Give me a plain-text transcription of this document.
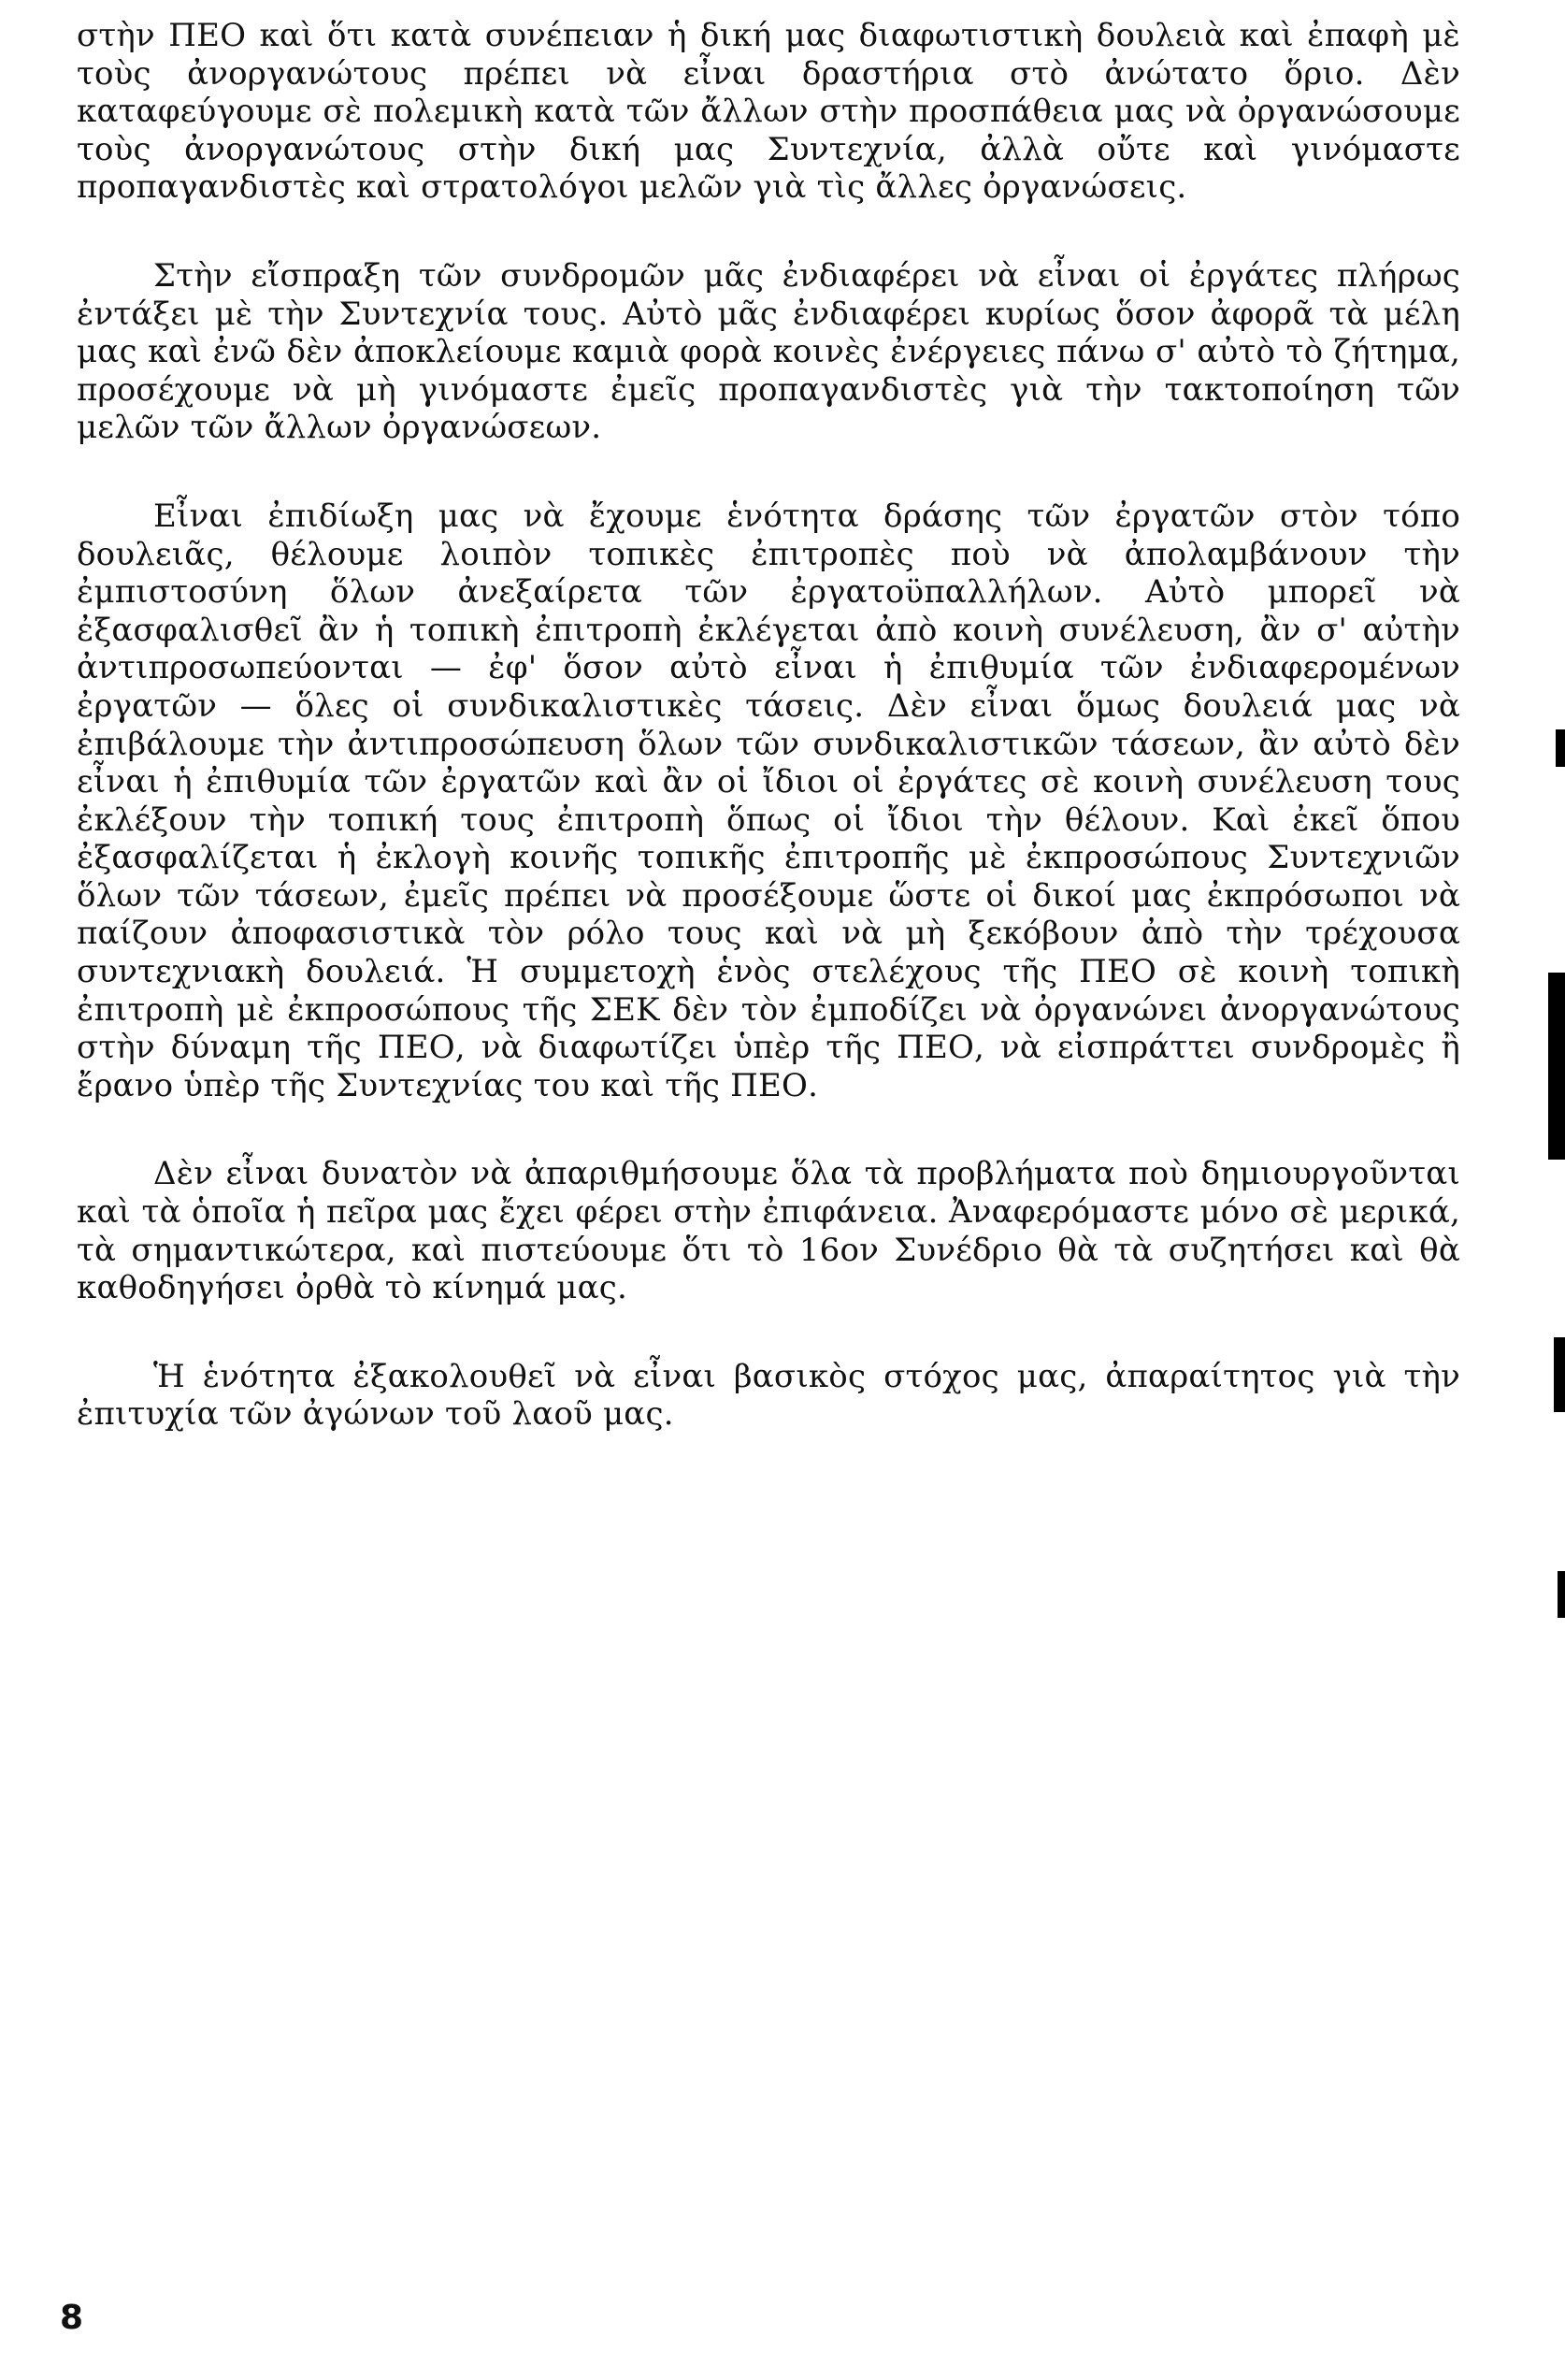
στὴν ΠΕΟ καὶ ὅτι κατὰ συνέπειαν ἡ δική μας διαφωτιστικὴ δουλειὰ καὶ ἐπαφὴ μὲ τοὺς ἀνοργανώτους πρέπει νὰ εἶναι δραστήρια στὸ ἀνώτατο ὅριο. Δὲν καταφεύγουμε σὲ πολεμικὴ κατὰ τῶν ἄλλων στὴν προσπάθεια μας νὰ ὀργανώσουμε τοὺς ἀνοργανώτους στὴν δική μας Συντεχνία, ἀλλὰ οὔτε καὶ γινόμαστε προπαγανδιστὲς καὶ στρατολόγοι μελῶν γιὰ τὶς ἄλλες ὀργανώσεις.

Στὴν εἴσπραξη τῶν συνδρομῶν μᾶς ἐνδιαφέρει νὰ εἶναι οἱ ἐργάτες πλήρως ἐντάξει μὲ τὴν Συντεχνία τους. Αὐτὸ μᾶς ἐνδιαφέρει κυρίως ὅσον ἀφορᾶ τὰ μέλη μας καὶ ἐνῶ δὲν ἀποκλείουμε καμιὰ φορὰ κοινὲς ἐνέργειες πάνω σ' αὐτὸ τὸ ζήτημα, προσέχουμε νὰ μὴ γινόμαστε ἐμεῖς προπαγανδιστὲς γιὰ τὴν τακτοποίηση τῶν μελῶν τῶν ἄλλων ὀργανώσεων.

Εἶναι ἐπιδίωξη μας νὰ ἔχουμε ἑνότητα δράσης τῶν ἐργατῶν στὸν τόπο δουλειᾶς, θέλουμε λοιπὸν τοπικὲς ἐπιτροπὲς ποὺ νὰ ἀπολαμβάνουν τὴν ἐμπιστοσύνη ὅλων ἀνεξαίρετα τῶν ἐργατοϋπαλλήλων. Αὐτὸ μπορεῖ νὰ ἐξασφαλισθεῖ ἂν ἡ τοπικὴ ἐπιτροπὴ ἐκλέγεται ἀπὸ κοινὴ συνέλευση, ἂν σ' αὐτὴν ἀντιπροσωπεύονται — ἐφ' ὅσον αὐτὸ εἶναι ἡ ἐπιθυμία τῶν ἐνδιαφερομένων ἐργατῶν — ὅλες οἱ συνδικαλιστικὲς τάσεις. Δὲν εἶναι ὅμως δουλειά μας νὰ ἐπιβάλουμε τὴν ἀντιπροσώπευση ὅλων τῶν συνδικαλιστικῶν τάσεων, ἂν αὐτὸ δὲν εἶναι ἡ ἐπιθυμία τῶν ἐργατῶν καὶ ἂν οἱ ἴδιοι οἱ ἐργάτες σὲ κοινὴ συνέλευση τους ἐκλέξουν τὴν τοπική τους ἐπιτροπὴ ὅπως οἱ ἴδιοι τὴν θέλουν. Καὶ ἐκεῖ ὅπου ἐξασφαλίζεται ἡ ἐκλογὴ κοινῆς τοπικῆς ἐπιτροπῆς μὲ ἐκπροσώπους Συντεχνιῶν ὅλων τῶν τάσεων, ἐμεῖς πρέπει νὰ προσέξουμε ὥστε οἱ δικοί μας ἐκπρόσωποι νὰ παίζουν ἀποφασιστικὰ τὸν ρόλο τους καὶ νὰ μὴ ξεκόβουν ἀπὸ τὴν τρέχουσα συντεχνιακὴ δουλειά. Ἡ συμμετοχὴ ἑνὸς στελέχους τῆς ΠΕΟ σὲ κοινὴ τοπικὴ ἐπιτροπὴ μὲ ἐκπροσώπους τῆς ΣΕΚ δὲν τὸν ἐμποδίζει νὰ ὀργανώνει ἀνοργανώτους στὴν δύναμη τῆς ΠΕΟ, νὰ διαφωτίζει ὑπὲρ τῆς ΠΕΟ, νὰ εἰσπράττει συνδρομὲς ἢ ἔρανο ὑπὲρ τῆς Συντεχνίας του καὶ τῆς ΠΕΟ.

Δὲν εἶναι δυνατὸν νὰ ἀπαριθμήσουμε ὅλα τὰ προβλήματα ποὺ δημιουργοῦνται καὶ τὰ ὁποῖα ἡ πεῖρα μας ἔχει φέρει στὴν ἐπιφάνεια. Ἀναφερόμαστε μόνο σὲ μερικά, τὰ σημαντικώτερα, καὶ πιστεύουμε ὅτι τὸ 16ον Συνέδριο θὰ τὰ συζητήσει καὶ θὰ καθοδηγήσει ὀρθὰ τὸ κίνημά μας.

Ἡ ἑνότητα ἐξακολουθεῖ νὰ εἶναι βασικὸς στόχος μας, ἀπαραίτητος γιὰ τὴν ἐπιτυχία τῶν ἀγώνων τοῦ λαοῦ μας.

8
